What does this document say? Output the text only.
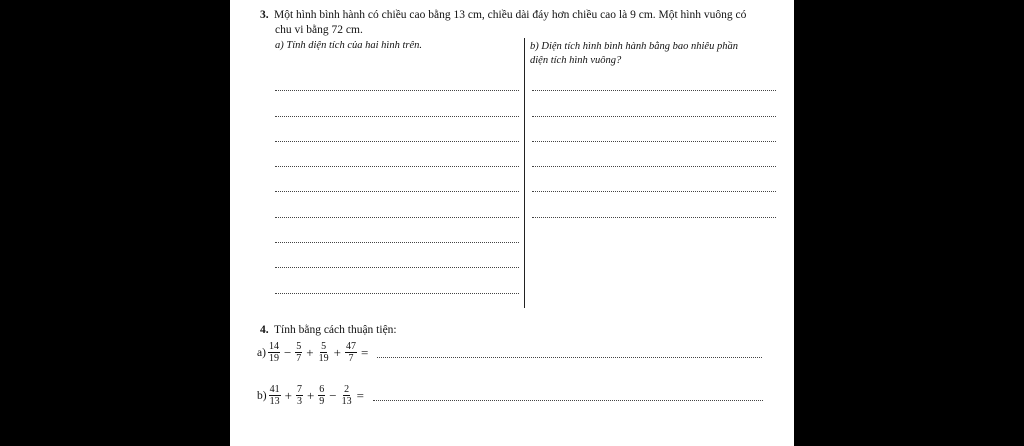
3. Một hình bình hành có chiều cao bằng 13 cm, chiều dài đáy hơn chiều cao là 9 cm. Một hình vuông có
chu vi bằng 72 cm.
a) Tính diện tích của hai hình trên.	b) Diện tích hình bình hành bằng bao nhiêu phần
diện tích hình vuông?
4. Tính bằng cách thuận tiện:
$a) \frac{14}{19} - \frac{5}{7} + \frac{5}{19} + \frac{47}{7}$ =
$b) \frac{41}{13} + \frac{7}{3} + \frac{6}{9} - \frac{2}{13}$ =
